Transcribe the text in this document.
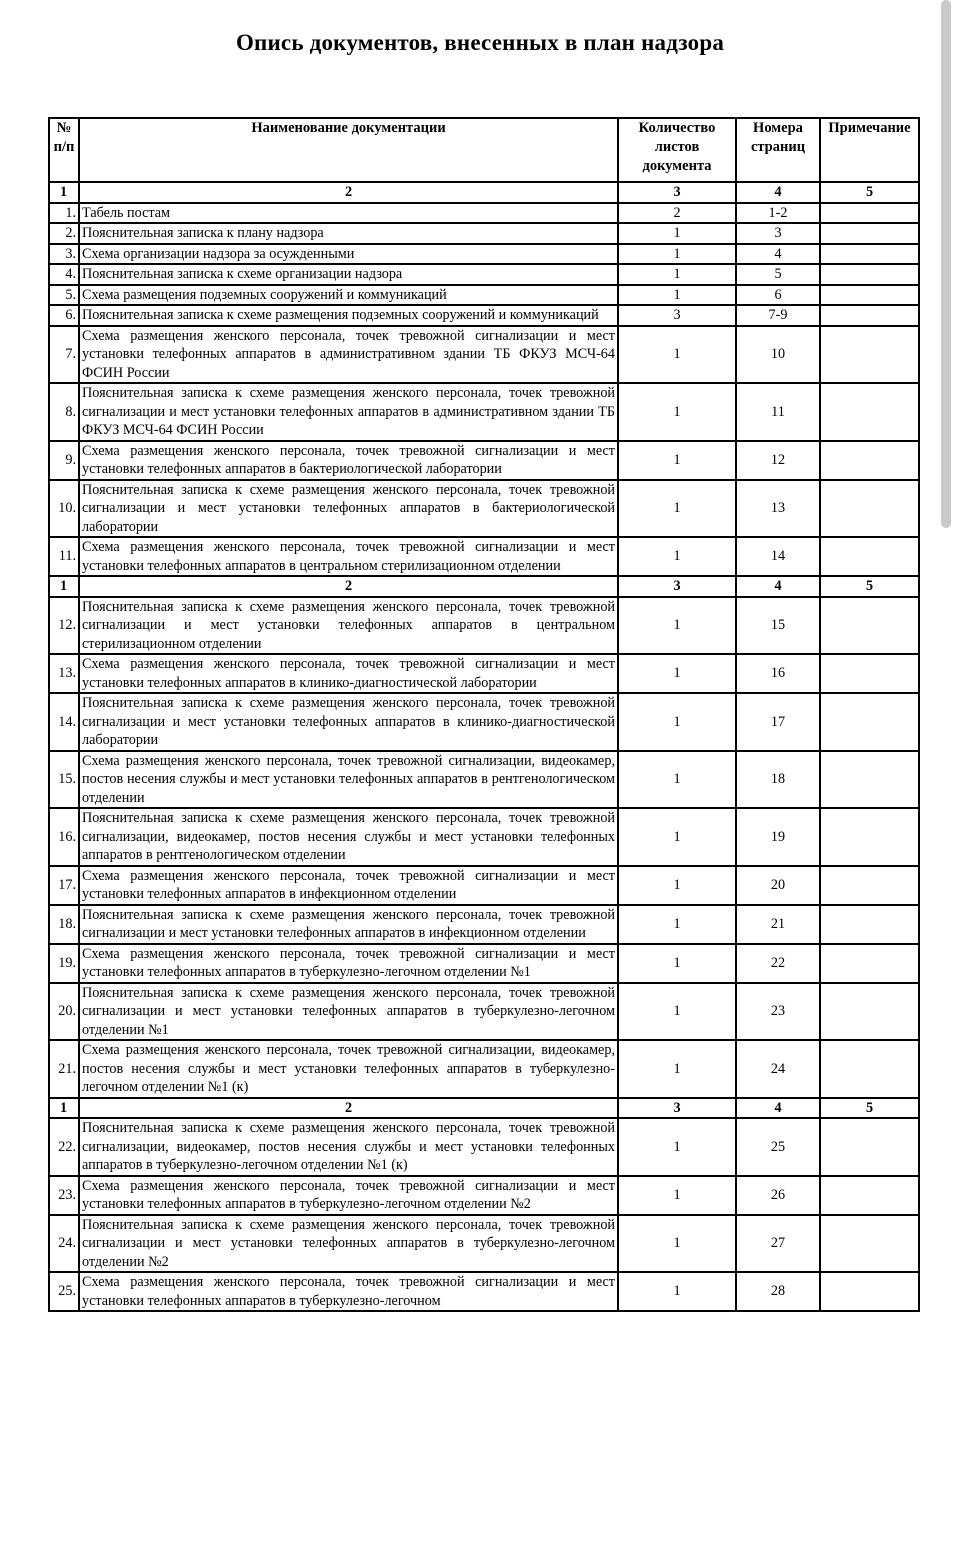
Опись документов, внесенных в план надзора
№ п/п	Наименование документации	Количество листов документа	Номера страниц	Примечание
1	2	3	4	5
1.	Табель постам	2	1-2	
2.	Пояснительная записка к плану надзора	1	3	
3.	Схема организации надзора за осужденными	1	4	
4.	Пояснительная записка к схеме организации надзора	1	5	
5.	Схема размещения подземных сооружений и коммуникаций	1	6	
6.	Пояснительная записка к схеме размещения подземных сооружений и коммуникаций	3	7-9	
7.	Схема размещения женского персонала, точек тревожной сигнализации и мест установки телефонных аппаратов в административном здании ТБ ФКУЗ МСЧ-64 ФСИН России	1	10	
8.	Пояснительная записка к схеме размещения женского персонала, точек тревожной сигнализации и мест установки телефонных аппаратов в административном здании ТБ ФКУЗ МСЧ-64 ФСИН России	1	11	
9.	Схема размещения женского персонала, точек тревожной сигнализации и мест установки телефонных аппаратов в бактериологической лаборатории	1	12	
10.	Пояснительная записка к схеме размещения женского персонала, точек тревожной сигнализации и мест установки телефонных аппаратов в бактериологической лаборатории	1	13	
11.	Схема размещения женского персонала, точек тревожной сигнализации и мест установки телефонных аппаратов в центральном стерилизационном отделении	1	14	
1	2	3	4	5
12.	Пояснительная записка к схеме размещения женского персонала, точек тревожной сигнализации и мест установки телефонных аппаратов в центральном стерилизационном отделении	1	15	
13.	Схема размещения женского персонала, точек тревожной сигнализации и мест установки телефонных аппаратов в клинико-диагностической лаборатории	1	16	
14.	Пояснительная записка к схеме размещения женского персонала, точек тревожной сигнализации и мест установки телефонных аппаратов в клинико-диагностической лаборатории	1	17	
15.	Схема размещения женского персонала, точек тревожной сигнализации, видеокамер, постов несения службы и мест установки телефонных аппаратов в рентгенологическом отделении	1	18	
16.	Пояснительная записка к схеме размещения женского персонала, точек тревожной сигнализации, видеокамер, постов несения службы и мест установки телефонных аппаратов в рентгенологическом отделении	1	19	
17.	Схема размещения женского персонала, точек тревожной сигнализации и мест установки телефонных аппаратов в инфекционном отделении	1	20	
18.	Пояснительная записка к схеме размещения женского персонала, точек тревожной сигнализации и мест установки телефонных аппаратов в инфекционном отделении	1	21	
19.	Схема размещения женского персонала, точек тревожной сигнализации и мест установки телефонных аппаратов в туберкулезно-легочном отделении №1	1	22	
20.	Пояснительная записка к схеме размещения женского персонала, точек тревожной сигнализации и мест установки телефонных аппаратов в туберкулезно-легочном отделении №1	1	23	
21.	Схема размещения женского персонала, точек тревожной сигнализации, видеокамер, постов несения службы и мест установки телефонных аппаратов в туберкулезно-легочном отделении №1 (к)	1	24	
1	2	3	4	5
22.	Пояснительная записка к схеме размещения женского персонала, точек тревожной сигнализации, видеокамер, постов несения службы и мест установки телефонных аппаратов в туберкулезно-легочном отделении №1 (к)	1	25	
23.	Схема размещения женского персонала, точек тревожной сигнализации и мест установки телефонных аппаратов в туберкулезно-легочном отделении №2	1	26	
24.	Пояснительная записка к схеме размещения женского персонала, точек тревожной сигнализации и мест установки телефонных аппаратов в туберкулезно-легочном отделении №2	1	27	
25.	Схема размещения женского персонала, точек тревожной сигнализации и мест установки телефонных аппаратов в туберкулезно-легочном	1	28	
